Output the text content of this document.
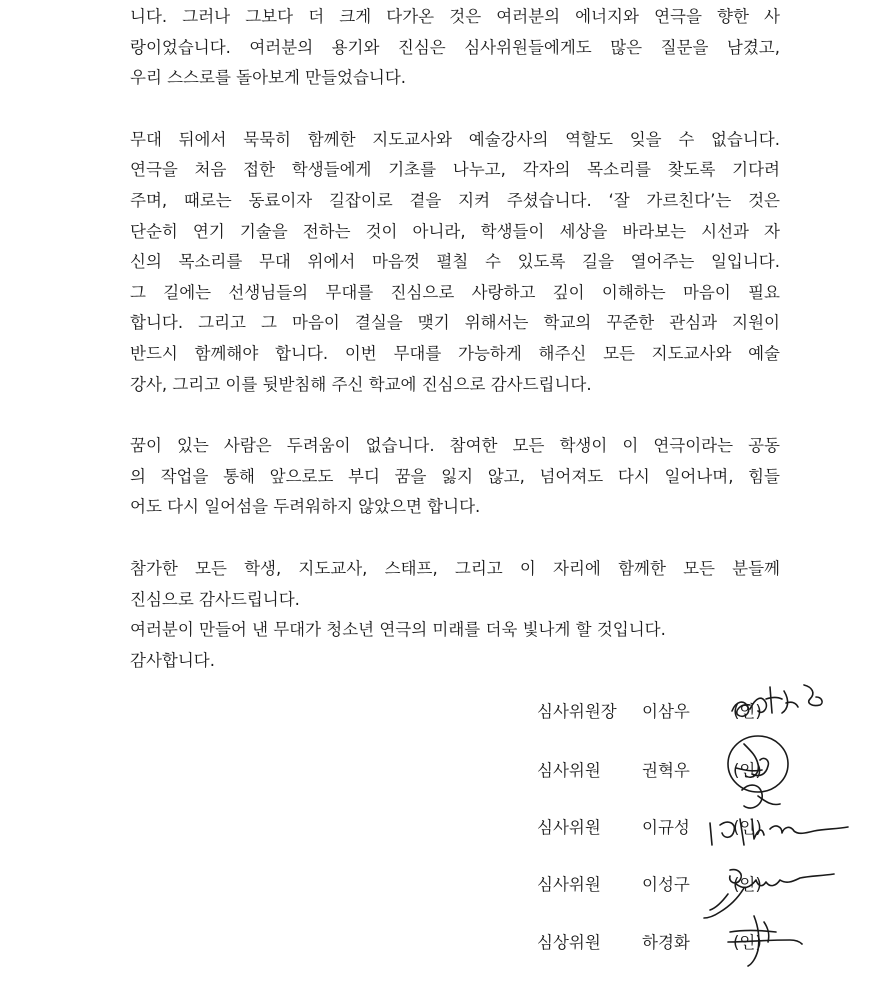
니다. 그러나 그보다 더 크게 다가온 것은 여러분의 에너지와 연극을 향한 사
랑이었습니다. 여러분의 용기와 진심은 심사위원들에게도 많은 질문을 남겼고,
우리 스스로를 돌아보게 만들었습니다.
무대 뒤에서 묵묵히 함께한 지도교사와 예술강사의 역할도 잊을 수 없습니다.
연극을 처음 접한 학생들에게 기초를 나누고, 각자의 목소리를 찾도록 기다려
주며, 때로는 동료이자 길잡이로 곁을 지켜 주셨습니다. ‘잘 가르친다’는 것은
단순히 연기 기술을 전하는 것이 아니라, 학생들이 세상을 바라보는 시선과 자
신의 목소리를 무대 위에서 마음껏 펼칠 수 있도록 길을 열어주는 일입니다.
그 길에는 선생님들의 무대를 진심으로 사랑하고 깊이 이해하는 마음이 필요
합니다. 그리고 그 마음이 결실을 맺기 위해서는 학교의 꾸준한 관심과 지원이
반드시 함께해야 합니다. 이번 무대를 가능하게 해주신 모든 지도교사와 예술
강사, 그리고 이를 뒷받침해 주신 학교에 진심으로 감사드립니다.
꿈이 있는 사람은 두려움이 없습니다. 참여한 모든 학생이 이 연극이라는 공동
의 작업을 통해 앞으로도 부디 꿈을 잃지 않고, 넘어져도 다시 일어나며, 힘들
어도 다시 일어섬을 두려워하지 않았으면 합니다.
참가한 모든 학생, 지도교사, 스태프, 그리고 이 자리에 함께한 모든 분들께
진심으로 감사드립니다.
여러분이 만들어 낸 무대가 청소년 연극의 미래를 더욱 빛나게 할 것입니다.
감사합니다.
심사위원장 이삼우	(인)
심사위원 권혁우	(인)
심사위원 이규성	(인)
심사위원 이성구	(인)
심상위원 하경화	(인)
